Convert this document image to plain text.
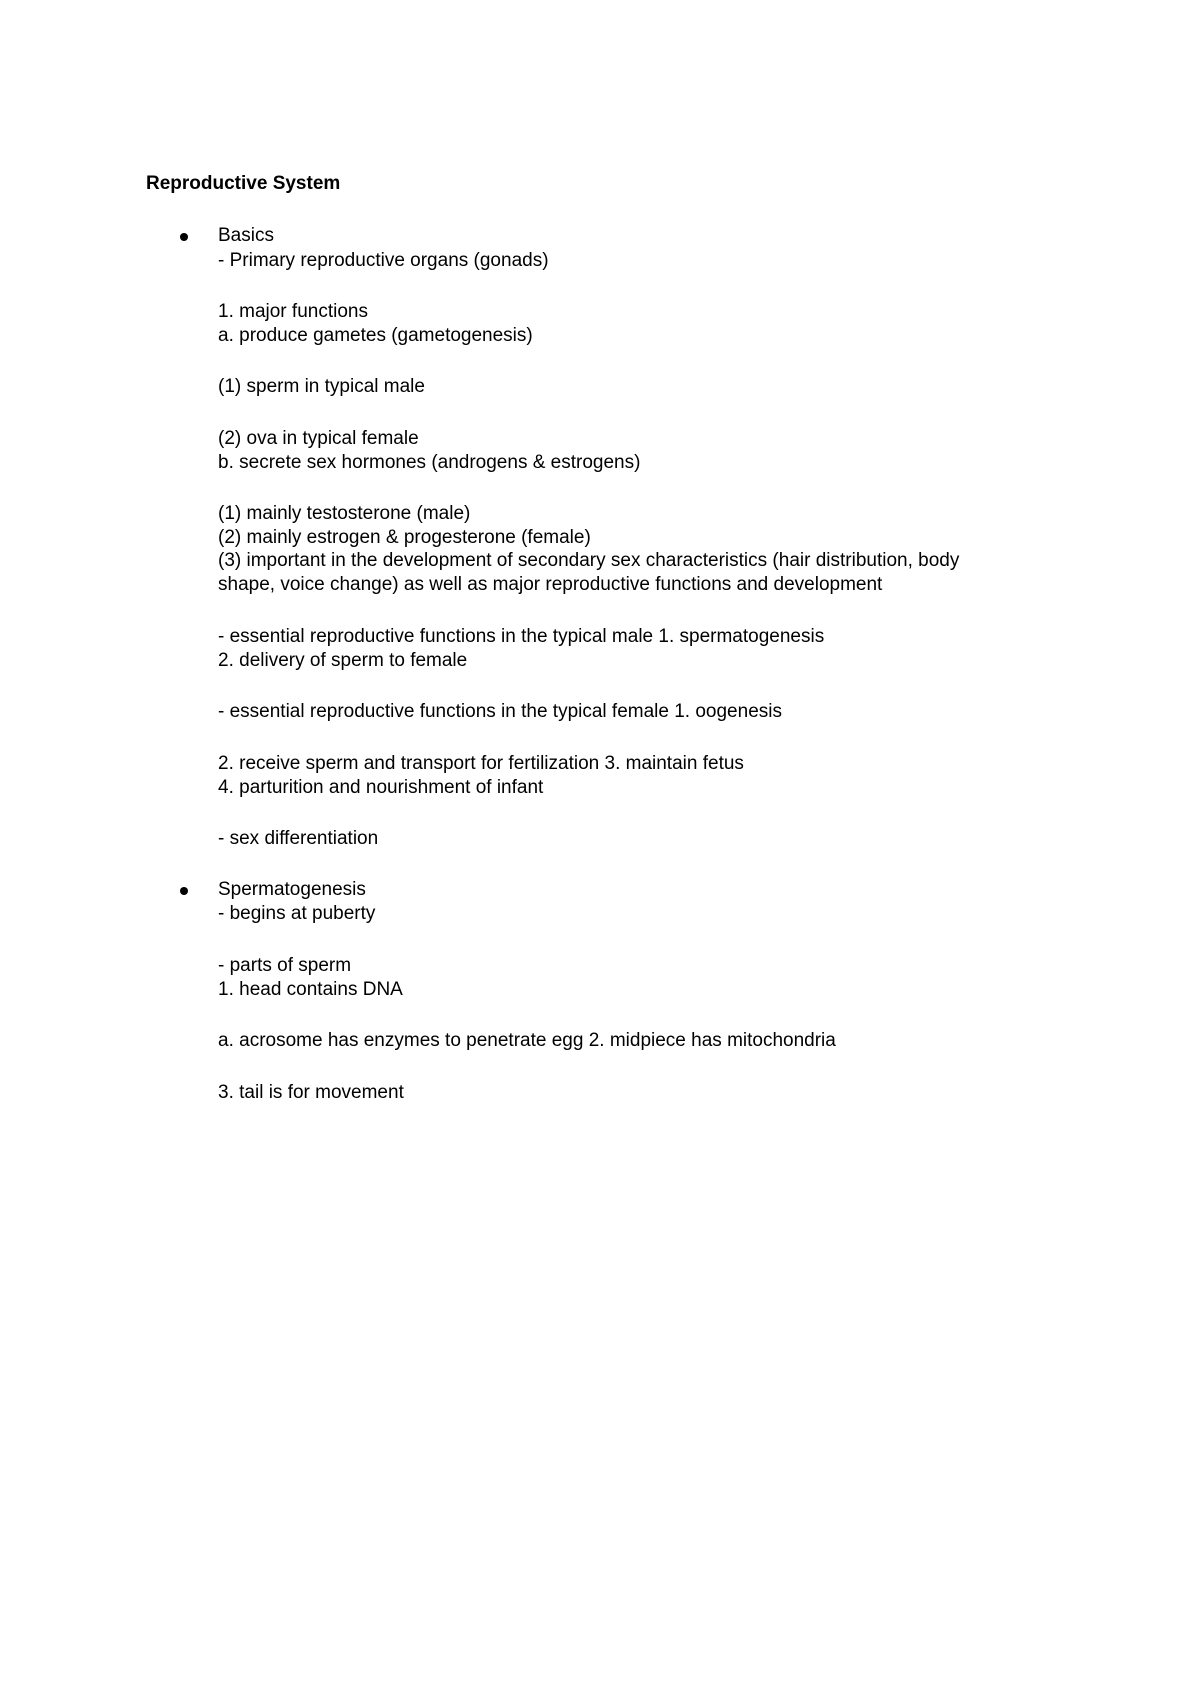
Reproductive System
Basics
- Primary reproductive organs (gonads)
1. major functions
a. produce gametes (gametogenesis)
(1) sperm in typical male
(2) ova in typical female
b. secrete sex hormones (androgens & estrogens)
(1) mainly testosterone (male)
(2) mainly estrogen & progesterone (female)
(3) important in the development of secondary sex characteristics (hair distribution, body
shape, voice change) as well as major reproductive functions and development
- essential reproductive functions in the typical male 1. spermatogenesis
2. delivery of sperm to female
- essential reproductive functions in the typical female 1. oogenesis
2. receive sperm and transport for fertilization 3. maintain fetus
4. parturition and nourishment of infant
- sex differentiation
Spermatogenesis
- begins at puberty
- parts of sperm
1. head contains DNA
a. acrosome has enzymes to penetrate egg 2. midpiece has mitochondria
3. tail is for movement
